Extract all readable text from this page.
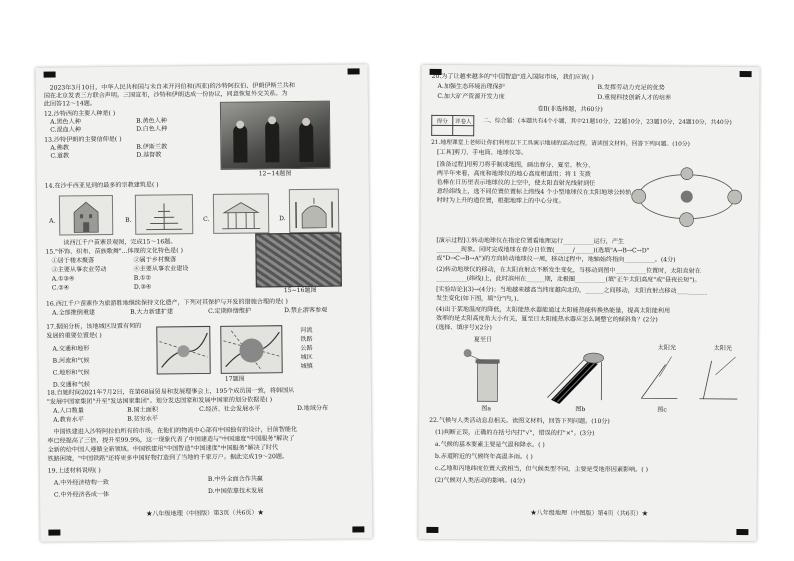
2023年3月10日，中华人民共和国与未自来开河伯和(西亚)的沙特阿拉伯、伊朗伊斯兰共和
国在北京发表三方联合声明。三国宣布，沙特和伊朗达成一份协议，同意恢复外交关系。为
此回答12～14题。
12.沙特西的主要人种是( )
A.黑色人种	B.黄色人种
C.混血人种	D.白色人种
13.沙特伊朗的主要信仰是( )
A.佛教	B.伊斯兰教
C.道教	D.基督教
12~14题图
14.在沙手西亚见到的最多的宗教建筑是( )
A.	B.	C.	D.
读西江千户苗寨景观图，完成15～16题。
15."怀饰、织布、苗族歌舞"...体现的文化特色是( )
①居于楼木聚落	②属于乡村聚落
③主要从事农业劳动	④主要从事农业建设
A.①③④	B.①②
C.②④	D.③④	15~16题图
16.西江千户苗寨作为旅游胜地继续保持文化遗产，下列对其保护与开发的措施合理的是( )
A.全部推倒重建	B.大力新建扩建	C.定期修缮维护	D.禁止游客参观
17.据图分析，该地城区设置有何的
发展的重要位置是( )
A.交通和地形
B.河流和气候
C.地形和气候
D.交通和气候
河流
铁路
公路
城区
城镇
17题图
18.自她时间2021年7月2日，在第68届贸易和发展理事会上，195个成员国一致，将韩国从
"发展中国家集团"升至"发达国家集团"。划分发达国家和发展中国家的划分依据是( )
A.人口数量	B.国土面积	C.经济、社会发展水平	D.地域分布
A.教育水平	B.贫穷水平
中国铁建进入沙特阿拉伯所有的市场，在他们的物流中心部有中国独有的设计，目前智能化
率已经提高了三倍，提升至99.9%，这一现象代表了中国建造与"中国速度"中国服务"解决了
全新的给中国人遵循全新领域。中国铁建用"中国智造"中国速度"中国服务"解决了时代
铁路困境，"中国铁路"还将更多中国好物打造到了当地的千家万户。据此完成19～20题。
19.上述材料说明( )
A.中外经济结构一致	B.中外全面合作共赢
C.中外经济各成一体	D.中国依靠技术发展
★八年级地理（中图版）第3页（共6页）★
20.为了让越来越多的"中国智造"进入国际市场，我们应该( )
A.加强生态环境治理保护	B.发挥劳动力充足的优势
C.加大矿产资源开发力度	D.重视科技创新人才的培养
卷Ⅱ(非选择题，共60分)
得分	评卷人
	二、综合题：(本题共有4个小题，其中21题10分，22题10分，23题10分，24题10分，共40分)
21.地理课堂上老师让你们利用以下工具演示地球的运动过程。请读图文材料，回答下列问题。(10分)
[工具]剪刀、手电筒、地球仪等。
[准备过程]用剪刀将手制成地图，画出春分、夏至、秋分、
两半年来看，高度和地球仪的地心高度相适用；将 1 支拨
色棒在日历里表示地球仪的上空中，使太阳直射光线射到任
意经纬线上，选不同位置位置标上纬线4 个小型地球仪在太阳地球公转轨
时时为上升的道位置，根据地球上的中心分度。
[演示过程]①转动地球仪在指定位置看地理运行__________运行，产生
________现象。同时完成地球在春分日位置(______/______)(选填"A→B→C→D"
或"D→C→B→A")的方向转动地球仪一周，移动过程中，地轴始终指向__________。(4分)
(2)转动地球仪的移动，在太阳直射点不断发生变化，当移动到图中__________位置时，太阳直射在
__________(纬线)上，此时滨州在______期，北极圈__________(填"正午太阳高度"或"昼夜长短")。
[实验结论](3)→(4分)；当地越来越高当纬度越向北的，______之间移动，太阳直射点移动__________
发生变化(如下图，填"分"内，)、
(4)出于某地温度的降低，太阳能热水器能通过太阳能热能转换热能量，提高太阳能利用
效率的是太阳高度角大小有关，夏至日太阳能热水器应怎么调整它的倾斜角？(2分)
(选择、填序号)(2分)
夏至日
图a	图b
太阳光
图c
太阳光
22.气候与人类活动息息相关。读图文材料，回答下列问题。(10分)
(1)判断正误，正确的在括号内打"√"，错误的打"×"。(3分)
a.气候的基本要素主要是气温和降水。( )
b.赤道附近的气候终年高温多雨。( )
c.乙地和丙地纬度位置大致相当，但气候类型不同，主要是受地形因素影响。( )
(2)气候对人类活动的影响。(4分)
★八年级地理（中图版）第4页（共6页）★
